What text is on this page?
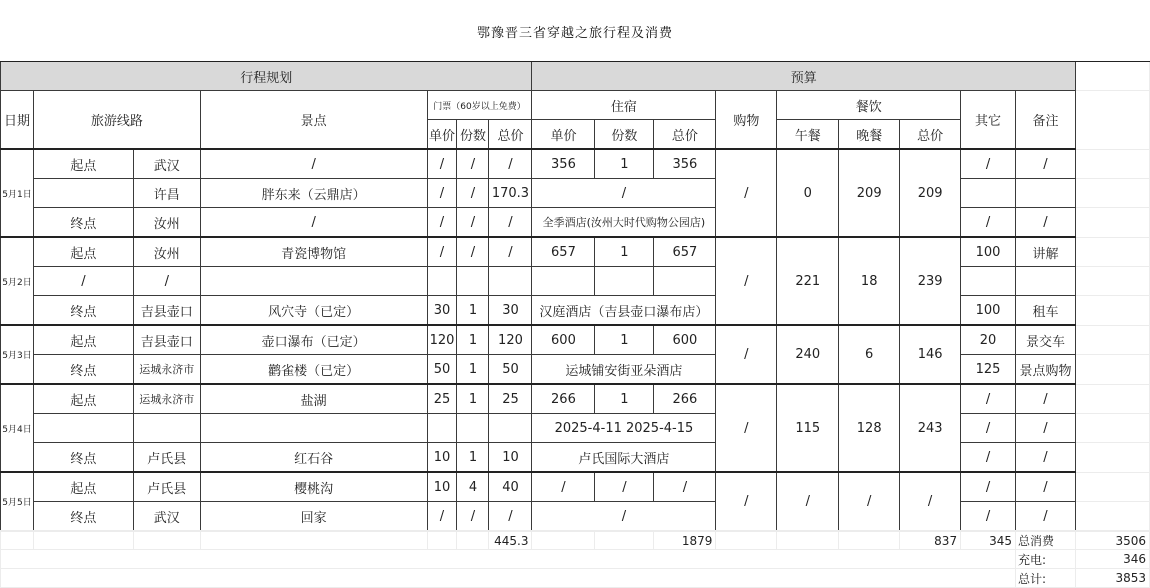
鄂豫晋三省穿越之旅行程及消费																
行程规划							预算									
日期	旅游线路		景点	门票（60岁以上免费）			住宿			购物	餐饮			其它	备注	
				单价	份数	总价	单价	份数	总价		午餐	晚餐	总价			
5月1日	起点	武汉	/	/	/	/	356	1	356	/	0	209	209	/	/	
		许昌	胖东来（云鼎店）	/	/	170.3	/									
	终点	汝州	/	/	/	/	全季酒店(汝州大时代购物公园店)							/	/	
5月2日	起点	汝州	青瓷博物馆	/	/	/	657	1	657	/	221	18	239	100	讲解	
	/	/														
	终点	吉县壶口	风穴寺（已定）	30	1	30	汉庭酒店（吉县壶口瀑布店）							100	租车	
5月3日	起点	吉县壶口	壶口瀑布（已定）	120	1	120	600	1	600	/	240	6	146	20	景交车	
	终点	运城永济市	鹳雀楼（已定）	50	1	50	运城铺安街亚朵酒店							125	景点购物	
5月4日	起点	运城永济市	盐湖	25	1	25	266	1	266	/	115	128	243	/	/	
							2025-4-11 2025-4-15							/	/	
	终点	卢氏县	红石谷	10	1	10	卢氏国际大酒店							/	/	
5月5日	起点	卢氏县	樱桃沟	10	4	40	/	/	/	/	/	/	/	/	/	
	终点	武汉	回家	/	/	/	/							/	/	
						445.3			1879				837	345	总消费	3506
															充电:	346
															总计:	3853
